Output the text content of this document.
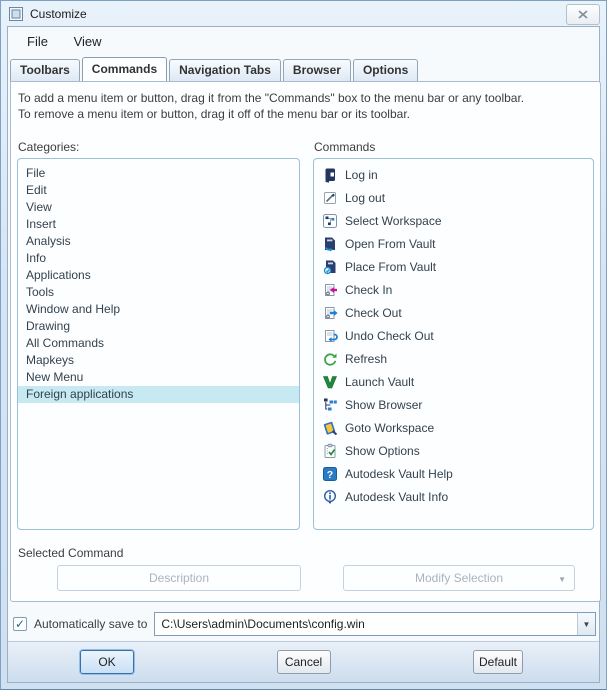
Customize
File View
Toolbars Commands Navigation Tabs Browser Options
To add a menu item or button, drag it from the "Commands" box to the menu bar or any toolbar.
To remove a menu item or button, drag it off of the menu bar or its toolbar.
Categories:	Commands
File
Edit
View
Insert
Analysis
Info
Applications
Tools
Window and Help
Drawing
All Commands
Mapkeys
New Menu
Foreign applications
Log in
Log out
Select Workspace
Open From Vault
Place From Vault
Check In
Check Out
Undo Check Out
Refresh
Launch Vault
Show Browser
Goto Workspace
Show Options
? Autodesk Vault Help
Autodesk Vault Info
Selected Command
Description	Modify Selection	▼
✓ Automatically save to	C:\Users\admin\Documents\config.win	▼
OK	Cancel	Default
